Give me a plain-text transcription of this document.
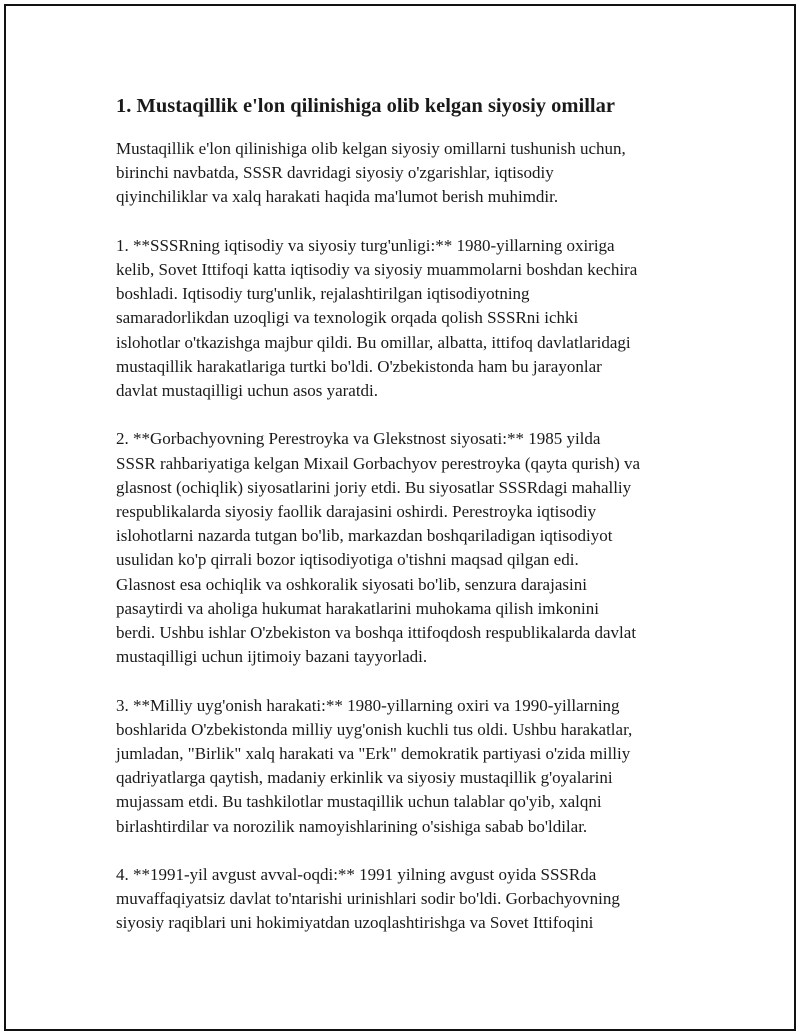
1. Mustaqillik e'lon qilinishiga olib kelgan siyosiy omillar

Mustaqillik e'lon qilinishiga olib kelgan siyosiy omillarni tushunish uchun,
birinchi navbatda, SSSR davridagi siyosiy o'zgarishlar, iqtisodiy
qiyinchiliklar va xalq harakati haqida ma'lumot berish muhimdir.

1. **SSSRning iqtisodiy va siyosiy turg'unligi:** 1980-yillarning oxiriga
kelib, Sovet Ittifoqi katta iqtisodiy va siyosiy muammolarni boshdan kechira
boshladi. Iqtisodiy turg'unlik, rejalashtirilgan iqtisodiyotning
samaradorlikdan uzoqligi va texnologik orqada qolish SSSRni ichki
islohotlar o'tkazishga majbur qildi. Bu omillar, albatta, ittifoq davlatlaridagi
mustaqillik harakatlariga turtki bo'ldi. O'zbekistonda ham bu jarayonlar
davlat mustaqilligi uchun asos yaratdi.

2. **Gorbachyovning Perestroyka va Glekstnost siyosati:** 1985 yilda
SSSR rahbariyatiga kelgan Mixail Gorbachyov perestroyka (qayta qurish) va
glasnost (ochiqlik) siyosatlarini joriy etdi. Bu siyosatlar SSSRdagi mahalliy
respublikalarda siyosiy faollik darajasini oshirdi. Perestroyka iqtisodiy
islohotlarni nazarda tutgan bo'lib, markazdan boshqariladigan iqtisodiyot
usulidan ko'p qirrali bozor iqtisodiyotiga o'tishni maqsad qilgan edi.
Glasnost esa ochiqlik va oshkoralik siyosati bo'lib, senzura darajasini
pasaytirdi va aholiga hukumat harakatlarini muhokama qilish imkonini
berdi. Ushbu ishlar O'zbekiston va boshqa ittifoqdosh respublikalarda davlat
mustaqilligi uchun ijtimoiy bazani tayyorladi.

3. **Milliy uyg'onish harakati:** 1980-yillarning oxiri va 1990-yillarning
boshlarida O'zbekistonda milliy uyg'onish kuchli tus oldi. Ushbu harakatlar,
jumladan, "Birlik" xalq harakati va "Erk" demokratik partiyasi o'zida milliy
qadriyatlarga qaytish, madaniy erkinlik va siyosiy mustaqillik g'oyalarini
mujassam etdi. Bu tashkilotlar mustaqillik uchun talablar qo'yib, xalqni
birlashtirdilar va norozilik namoyishlarining o'sishiga sabab bo'ldilar.

4. **1991-yil avgust avval-oqdi:** 1991 yilning avgust oyida SSSRda
muvaffaqiyatsiz davlat to'ntarishi urinishlari sodir bo'ldi. Gorbachyovning
siyosiy raqiblari uni hokimiyatdan uzoqlashtirishga va Sovet Ittifoqini
